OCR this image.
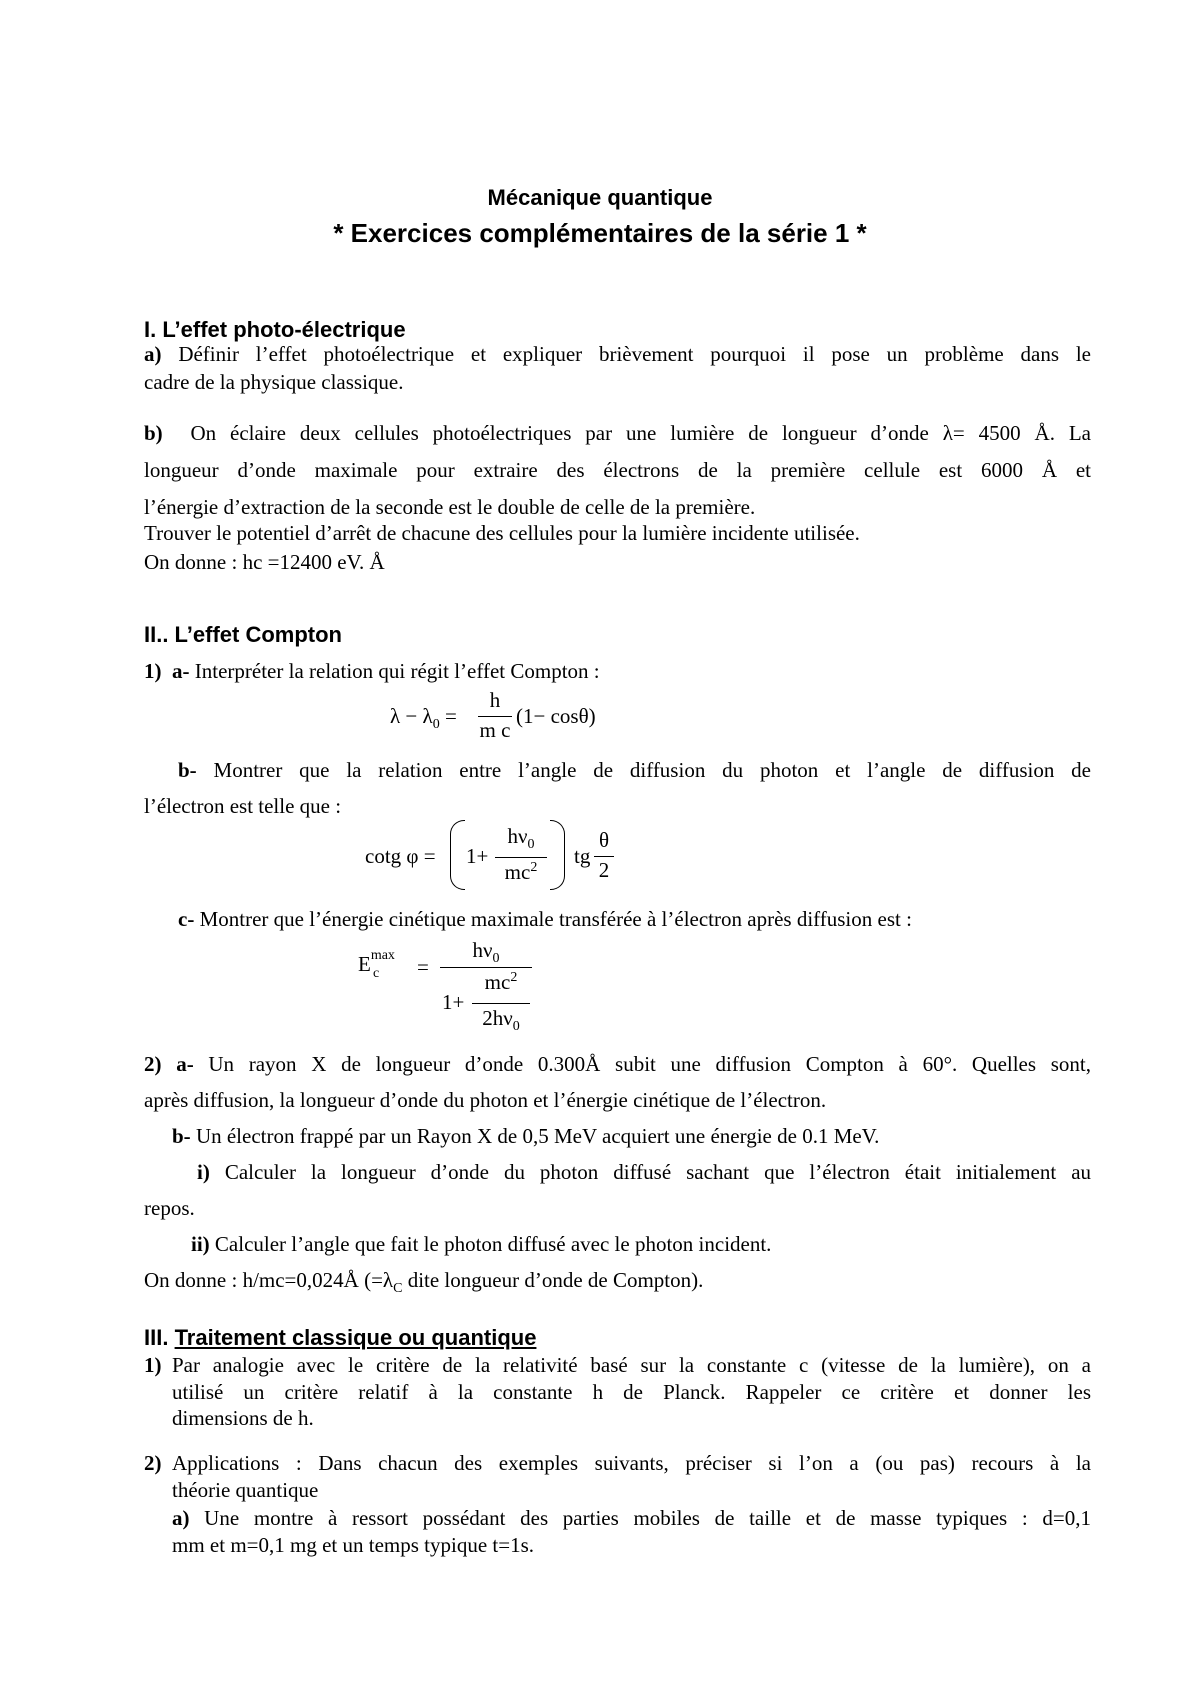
Mécanique quantique
* Exercices complémentaires de la série 1 *
I. L’effet photo-électrique
a) Définir l’effet photoélectrique et expliquer brièvement pourquoi il pose un problème dans le
cadre de la physique classique.
b) On éclaire deux cellules photoélectriques par une lumière de longueur d’onde λ= 4500 Å. La
longueur d’onde maximale pour extraire des électrons de la première cellule est 6000 Å et
l’énergie d’extraction de la seconde est le double de celle de la première.
Trouver le potentiel d’arrêt de chacune des cellules pour la lumière incidente utilisée.
On donne : hc =12400 eV. Å
II.. L’effet Compton
1) a- Interpréter la relation qui régit l’effet Compton :
$\lambda - \lambda_0$ =
h
m c
(1− cosθ)
b- Montrer que la relation entre l’angle de diffusion du photon et l’angle de diffusion de
l’électron est telle que :
cotg φ = 1+
$h\nu_0$
$mc^2$	tg
θ
2
c- Montrer que l’énergie cinétique maximale transférée à l’électron après diffusion est :
$E^{max}$
c =
$h\nu_0$
1+
$mc^2$
$2h\nu_0$
2) a- Un rayon X de longueur d’onde 0.300Å subit une diffusion Compton à 60°. Quelles sont,
après diffusion, la longueur d’onde du photon et l’énergie cinétique de l’électron.
b- Un électron frappé par un Rayon X de 0,5 MeV acquiert une énergie de 0.1 MeV.
i) Calculer la longueur d’onde du photon diffusé sachant que l’électron était initialement au
repos.
ii) Calculer l’angle que fait le photon diffusé avec le photon incident.
On donne : h/mc=0,024Å ($=\lambda_C$ dite longueur d’onde de Compton).
III. Traitement classique ou quantique
1) Par analogie avec le critère de la relativité basé sur la constante c (vitesse de la lumière), on a
utilisé un critère relatif à la constante h de Planck. Rappeler ce critère et donner les
dimensions de h.
2) Applications : Dans chacun des exemples suivants, préciser si l’on a (ou pas) recours à la
théorie quantique
a) Une montre à ressort possédant des parties mobiles de taille et de masse typiques : d=0,1
mm et m=0,1 mg et un temps typique t=1s.
